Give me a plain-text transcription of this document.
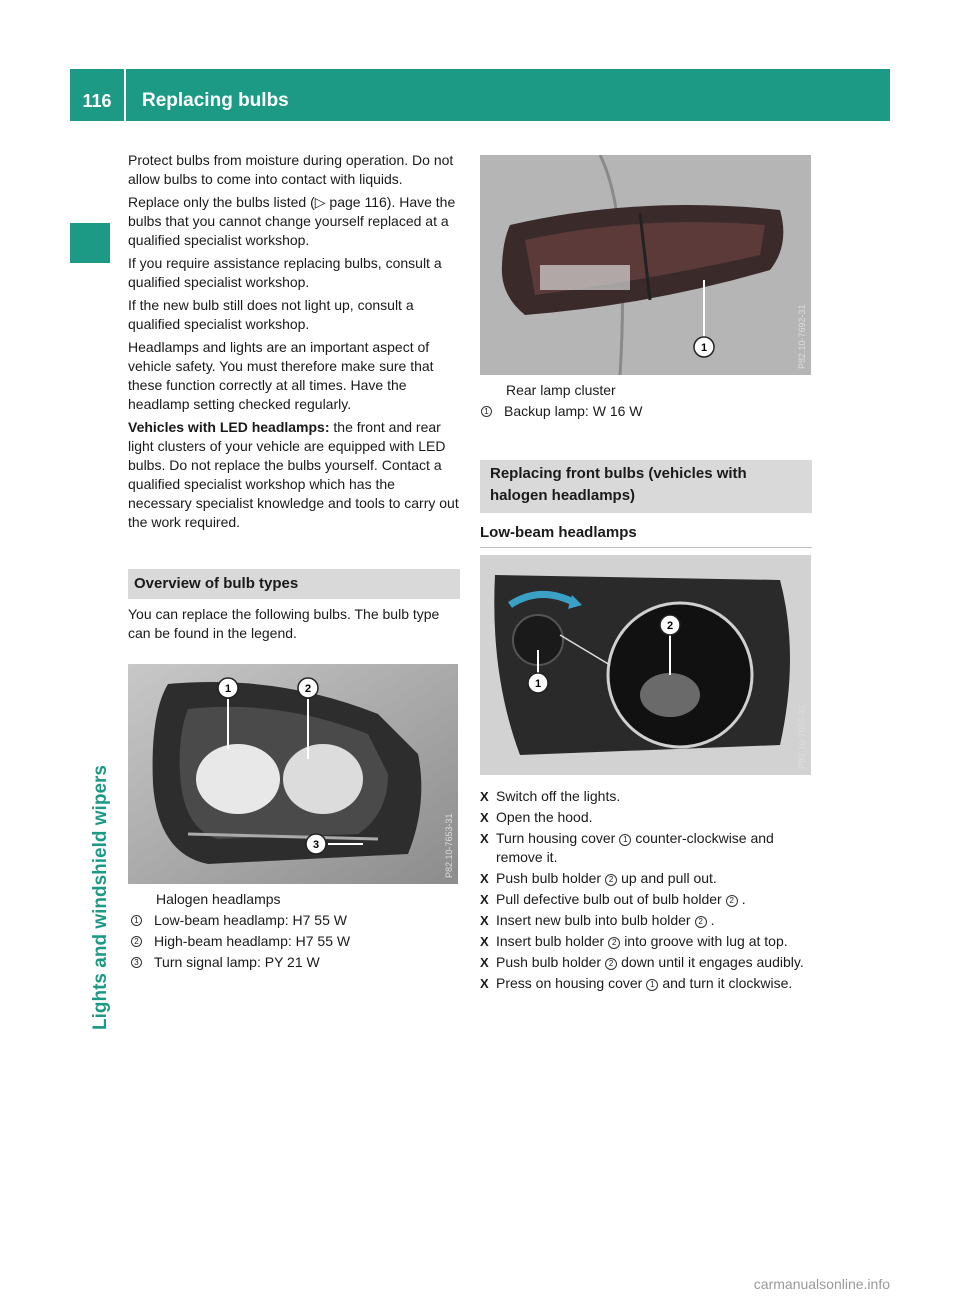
116 Replacing bulbs
Lights and windshield wipers

Protect bulbs from moisture during operation. Do not allow bulbs to come into contact with liquids.

Replace only the bulbs listed (▷ page 116). Have the bulbs that you cannot change yourself replaced at a qualified specialist workshop.

If you require assistance replacing bulbs, consult a qualified specialist workshop.

If the new bulb still does not light up, consult a qualified specialist workshop.

Headlamps and lights are an important aspect of vehicle safety. You must therefore make sure that these function correctly at all times. Have the headlamp setting checked regularly.

Vehicles with LED headlamps: the front and rear light clusters of your vehicle are equipped with LED bulbs. Do not replace the bulbs yourself. Contact a qualified specialist workshop which has the necessary specialist knowledge and tools to carry out the work required.

Overview of bulb types

You can replace the following bulbs. The bulb type can be found in the legend.

1	2
3	P82.10-7653-31
Halogen headlamps
1 Low-beam headlamp: H7 55 W
2 High-beam headlamp: H7 55 W
3 Turn signal lamp: PY 21 W
1	P82.10-7692-31
Rear lamp cluster
1 Backup lamp: W 16 W
Replacing front bulbs (vehicles with halogen headlamps)
Low-beam headlamps
2
1
P82.10-7656-31
X Switch off the lights.
X Open the hood.
X Turn housing cover 1 counter-clockwise and remove it.
X Push bulb holder 2 up and pull out.
X Pull defective bulb out of bulb holder 2 .
X Insert new bulb into bulb holder 2 .
X Insert bulb holder 2 into groove with lug at top.
X Push bulb holder 2 down until it engages audibly.
X Press on housing cover 1 and turn it clockwise.
carmanualsonline.info
